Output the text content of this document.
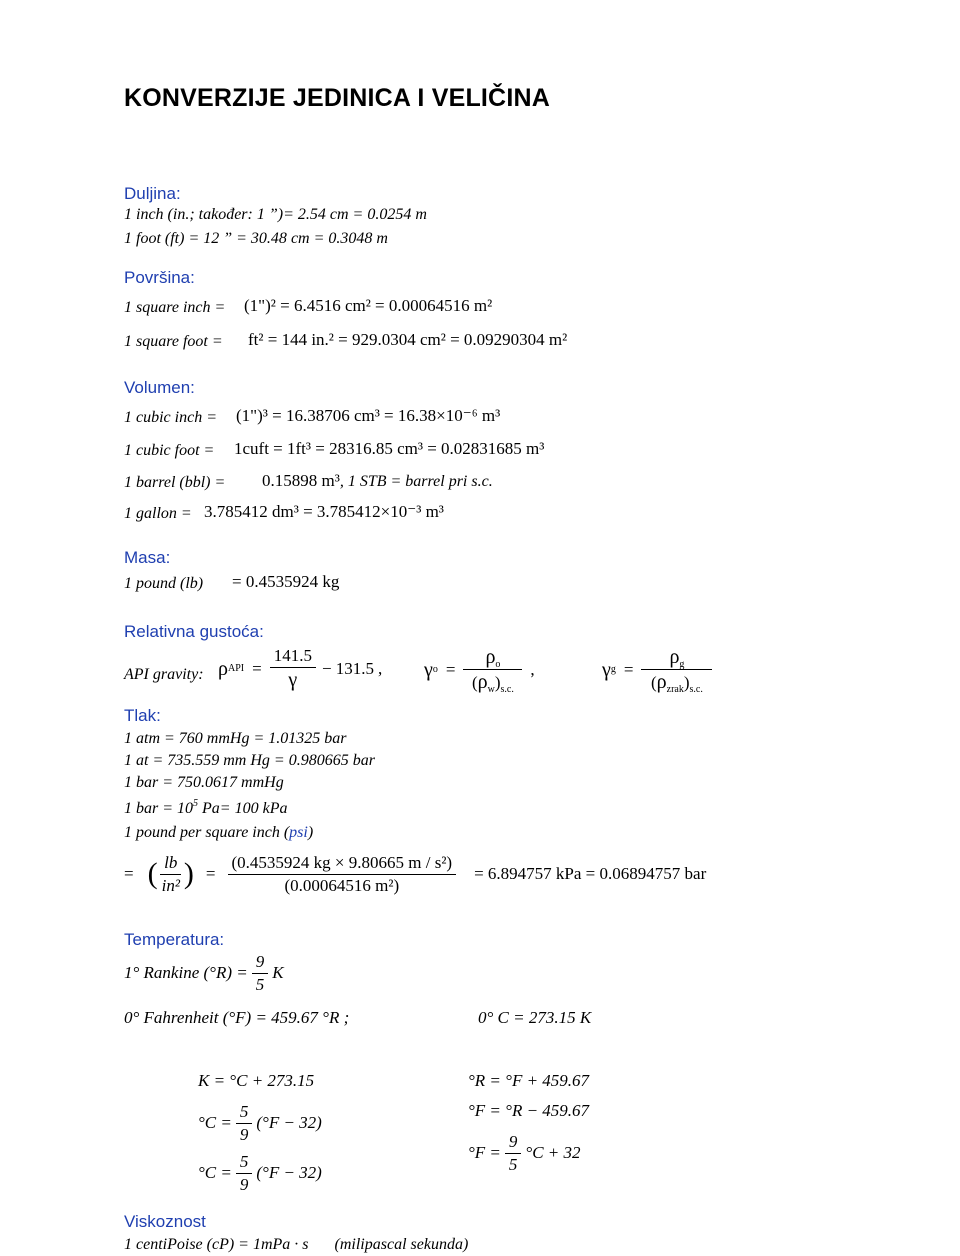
KONVERZIJE JEDINICA I VELIČINA
Duljina:
1 inch (in.; također: 1 ”)= 2.54 cm = 0.0254 m
1 foot (ft) = 12 ” = 30.48 cm = 0.3048 m
Površina:
1 square inch = (1")² = 6.4516 cm² = 0.00064516 m²
1 square foot = ft² = 144 in.² = 929.0304 cm² = 0.09290304 m²
Volumen:
1 cubic inch = (1")³ = 16.38706 cm³ = 16.38×10⁻⁶ m³
1 cubic foot = 1cuft = 1ft³ = 28316.85 cm³ = 0.02831685 m³
1 barrel (bbl) = 0.15898 m³, 1 STB = barrel pri s.c.
1 gallon = 3.785412 dm³ = 3.785412×10⁻³ m³
Masa:
1 pound (lb) = 0.4535924 kg
Relativna gustoća:
API gravity: ρ API = $\frac{141.5}{\gamma} - 131.5$ , γ $o = \frac{\rho_o}{(\rho_w)_{s.c.}}$ ,	γ $g = \frac{\rho_g}{(\rho_{zrak})_{s.c.}}$
Tlak:
1 atm = 760 mmHg = 1.01325 bar
1 at = 735.559 mm Hg = 0.980665 bar
1 bar = 750.0617 mmHg
1 bar = $10^5$ Pa= 100 kPa
1 pound per square inch (psi)
= ( $\frac{lb}{\text{in²}}$ ) = $\frac{\text{(0.4535924 kg × 9.80665 m / s²)}}{\text{(0.00064516 m²)}} = 6.894757$ kPa = 0.06894757 bar
Temperatura:
1° Rankine $(^\circ R) = \frac{9}{5}$ K
0° Fahrenheit (°F) = 459.67 °R ;	0° C = 273.15 K
K = °C + 273.15
$^\circ C = \frac{5}{9} (^\circ F - 32)$
$^\circ C = \frac{5}{9} (^\circ F - 32)$
°R = °F + 459.67
°F = °R − 459.67
$^\circ F = \frac{9}{5} ^\circ C + 32$
Viskoznost
1 centiPoise (cP) = 1mPa · s (milipascal sekunda)
